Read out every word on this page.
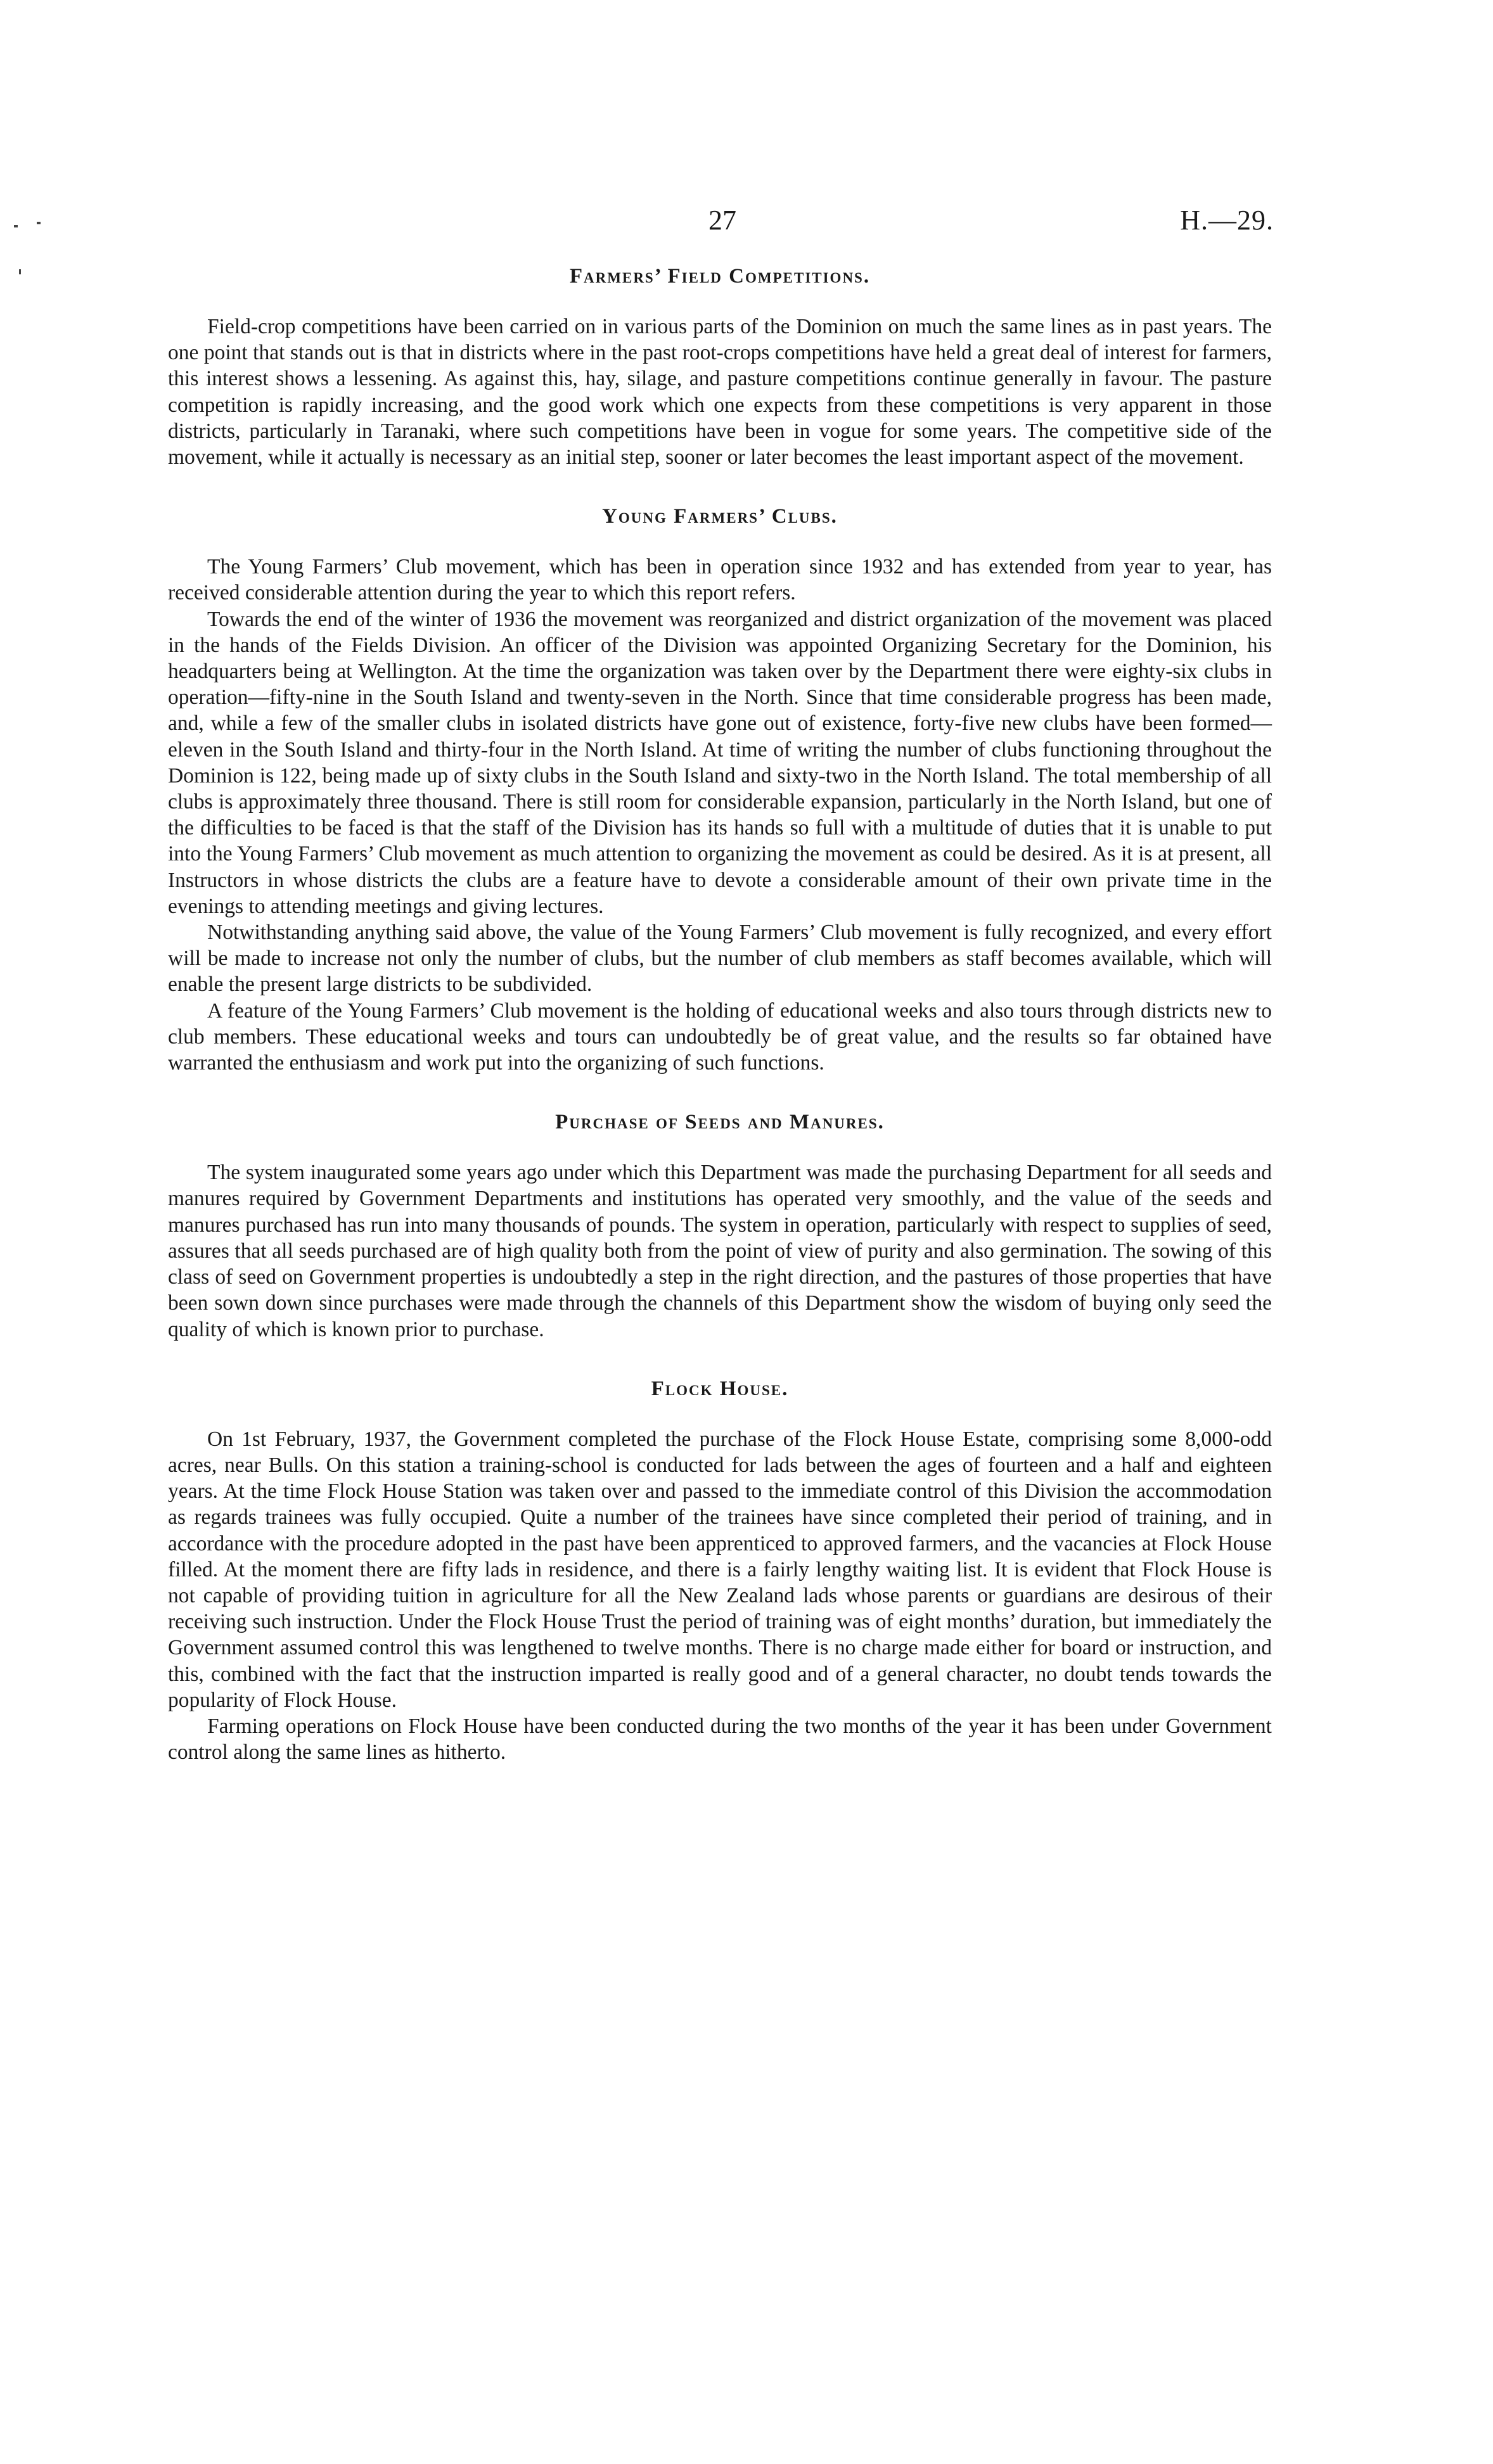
27	H.—29.
Farmers’ Field Competitions.

Field-crop competitions have been carried on in various parts of the Dominion on much the same lines as in past years. The one point that stands out is that in districts where in the past root-crops competitions have held a great deal of interest for farmers, this interest shows a lessening. As against this, hay, silage, and pasture competitions continue generally in favour. The pasture competition is rapidly increasing, and the good work which one expects from these competitions is very apparent in those districts, particularly in Taranaki, where such competitions have been in vogue for some years. The competitive side of the movement, while it actually is necessary as an initial step, sooner or later becomes the least important aspect of the movement.

Young Farmers’ Clubs.

The Young Farmers’ Club movement, which has been in operation since 1932 and has extended from year to year, has received considerable attention during the year to which this report refers.

Towards the end of the winter of 1936 the movement was reorganized and district organization of the movement was placed in the hands of the Fields Division. An officer of the Division was appointed Organizing Secretary for the Dominion, his headquarters being at Wellington. At the time the organization was taken over by the Department there were eighty-six clubs in operation—fifty-nine in the South Island and twenty-seven in the North. Since that time considerable progress has been made, and, while a few of the smaller clubs in isolated districts have gone out of existence, forty-five new clubs have been formed—eleven in the South Island and thirty-four in the North Island. At time of writing the number of clubs functioning throughout the Dominion is 122, being made up of sixty clubs in the South Island and sixty-two in the North Island. The total membership of all clubs is approximately three thousand. There is still room for considerable expansion, particularly in the North Island, but one of the difficulties to be faced is that the staff of the Division has its hands so full with a multitude of duties that it is unable to put into the Young Farmers’ Club movement as much attention to organizing the movement as could be desired. As it is at present, all Instructors in whose districts the clubs are a feature have to devote a considerable amount of their own private time in the evenings to attending meetings and giving lectures.

Notwithstanding anything said above, the value of the Young Farmers’ Club movement is fully recognized, and every effort will be made to increase not only the number of clubs, but the number of club members as staff becomes available, which will enable the present large districts to be subdivided.

A feature of the Young Farmers’ Club movement is the holding of educational weeks and also tours through districts new to club members. These educational weeks and tours can undoubtedly be of great value, and the results so far obtained have warranted the enthusiasm and work put into the organizing of such functions.

Purchase of Seeds and Manures.

The system inaugurated some years ago under which this Department was made the purchasing Department for all seeds and manures required by Government Departments and institutions has operated very smoothly, and the value of the seeds and manures purchased has run into many thousands of pounds. The system in operation, particularly with respect to supplies of seed, assures that all seeds purchased are of high quality both from the point of view of purity and also germination. The sowing of this class of seed on Government properties is undoubtedly a step in the right direction, and the pastures of those properties that have been sown down since purchases were made through the channels of this Department show the wisdom of buying only seed the quality of which is known prior to purchase.

Flock House.

On 1st February, 1937, the Government completed the purchase of the Flock House Estate, comprising some 8,000-odd acres, near Bulls. On this station a training-school is conducted for lads between the ages of fourteen and a half and eighteen years. At the time Flock House Station was taken over and passed to the immediate control of this Division the accommodation as regards trainees was fully occupied. Quite a number of the trainees have since completed their period of training, and in accordance with the procedure adopted in the past have been apprenticed to approved farmers, and the vacancies at Flock House filled. At the moment there are fifty lads in residence, and there is a fairly lengthy waiting list. It is evident that Flock House is not capable of providing tuition in agriculture for all the New Zealand lads whose parents or guardians are desirous of their receiving such instruction. Under the Flock House Trust the period of training was of eight months’ duration, but immediately the Government assumed control this was lengthened to twelve months. There is no charge made either for board or instruction, and this, combined with the fact that the instruction imparted is really good and of a general character, no doubt tends towards the popularity of Flock House.

Farming operations on Flock House have been conducted during the two months of the year it has been under Government control along the same lines as hitherto.
